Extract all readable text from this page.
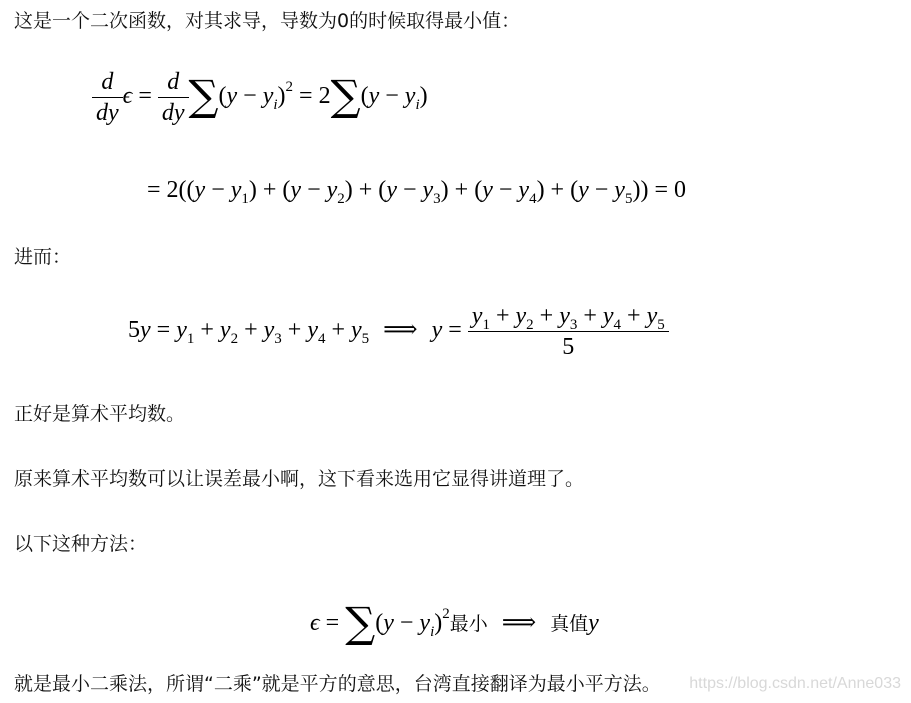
这是一个二次函数，对其求导，导数为0的时候取得最小值：
$\frac{d}{dy}$ $\epsilon = \frac{d}{dy} \sum(y - y_i)^2 = 2\sum(y - y_i)$
= $2((y - y_1) + (y - y_2) + (y - y_3) + (y - y_4) + (y - y_5)) = 0$
进而：
$5y = y_1 + y_2 + y_3 + y_4 + y_5$ ⟹ $y = \frac{y_1 + y_2 + y_3 + y_4 + y_5}{5}$
正好是算术平均数。
原来算术平均数可以让误差最小啊，这下看来选用它显得讲道理了。
以下这种方法：
$\epsilon = \sum(y - y_i)^2$最小 ⟹ 真值y
就是最小二乘法，所谓“二乘”就是平方的意思，台湾直接翻译为最小平方法。 https://blog.csdn.net/Anne033
